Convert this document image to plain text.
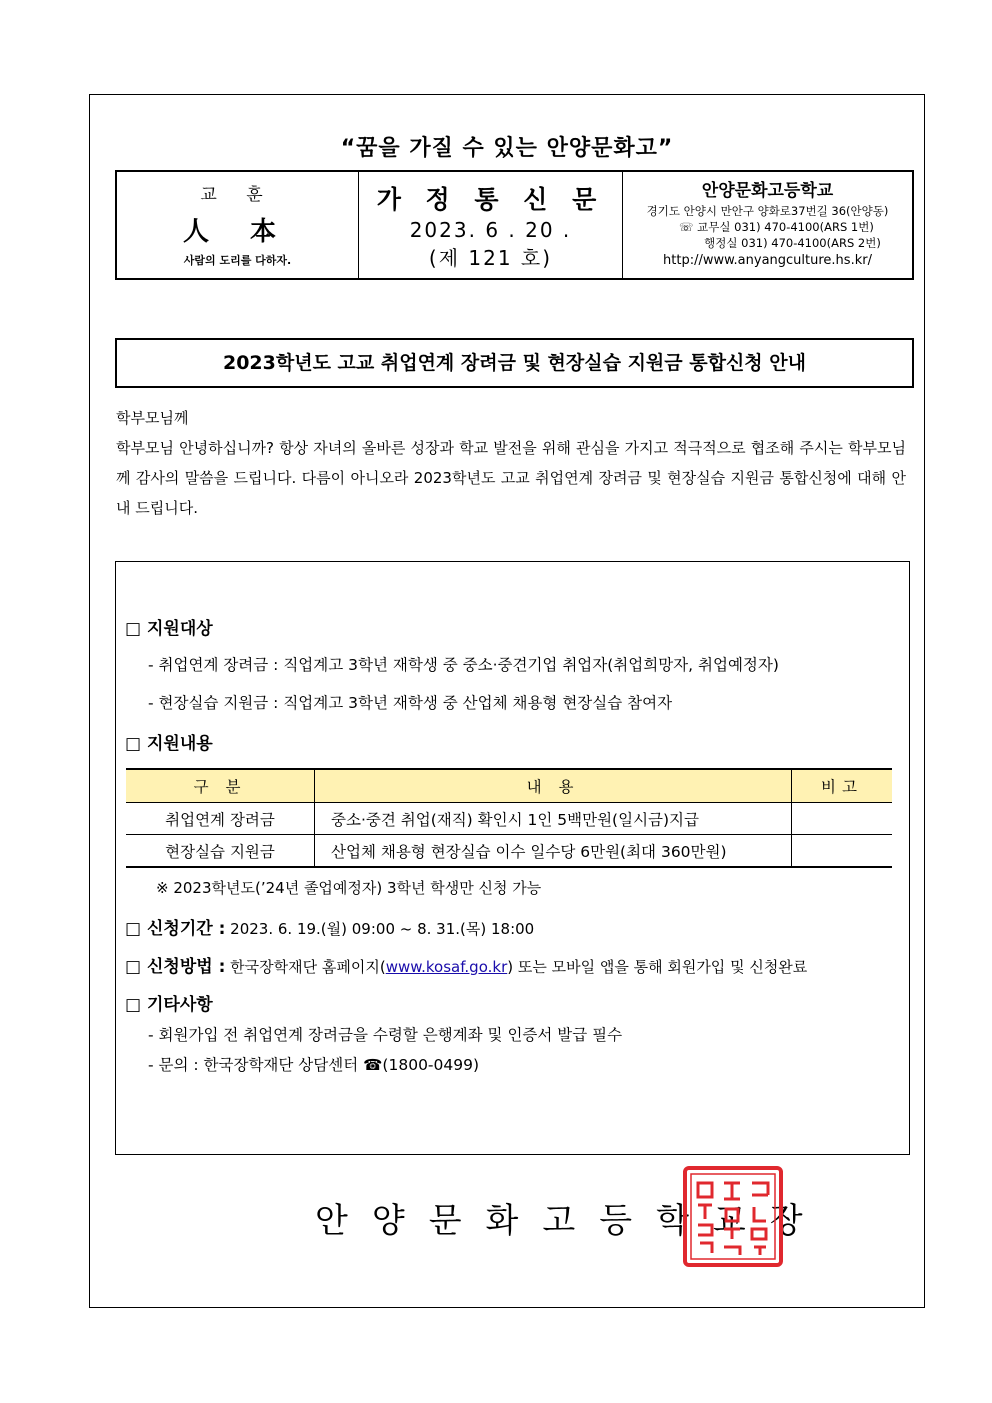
“꿈을 가질 수 있는 안양문화고”
교 훈
人 本
사람의 도리를 다하자.
가 정 통 신 문
2023. 6 . 20 .
(제 121 호)
안양문화고등학교
경기도 안양시 만안구 양화로37번길 36(안양동)
☏ 교무실 031) 470-4100(ARS 1번)
행정실 031) 470-4100(ARS 2번)
http://www.anyangculture.hs.kr/
2023학년도 고교 취업연계 장려금 및 현장실습 지원금 통합신청 안내
학부모님께
학부모님 안녕하십니까? 항상 자녀의 올바른 성장과 학교 발전을 위해 관심을 가지고 적극적으로 협조해 주시는 학부모님께 감사의 말씀을 드립니다. 다름이 아니오라 2023학년도 고교 취업연계 장려금 및 현장실습 지원금 통합신청에 대해 안내 드립니다.
□ 지원대상
- 취업연계 장려금 : 직업계고 3학년 재학생 중 중소·중견기업 취업자(취업희망자, 취업예정자)
- 현장실습 지원금 : 직업계고 3학년 재학생 중 산업체 채용형 현장실습 참여자
□ 지원내용
구 분	내 용	비고
취업연계 장려금	중소·중견 취업(재직) 확인시 1인 5백만원(일시금)지급	
현장실습 지원금	산업체 채용형 현장실습 이수 일수당 6만원(최대 360만원)	
※ 2023학년도(’24년 졸업예정자) 3학년 학생만 신청 가능
□ 신청기간 : 2023. 6. 19.(월) 09:00 ~ 8. 31.(목) 18:00
□ 신청방법 : 한국장학재단 홈페이지(www.kosaf.go.kr) 또는 모바일 앱을 통해 회원가입 및 신청완료
□ 기타사항
- 회원가입 전 취업연계 장려금을 수령할 은행계좌 및 인증서 발급 필수
- 문의 : 한국장학재단 상담센터 ☎(1800-0499)
안양문화고등학교장
